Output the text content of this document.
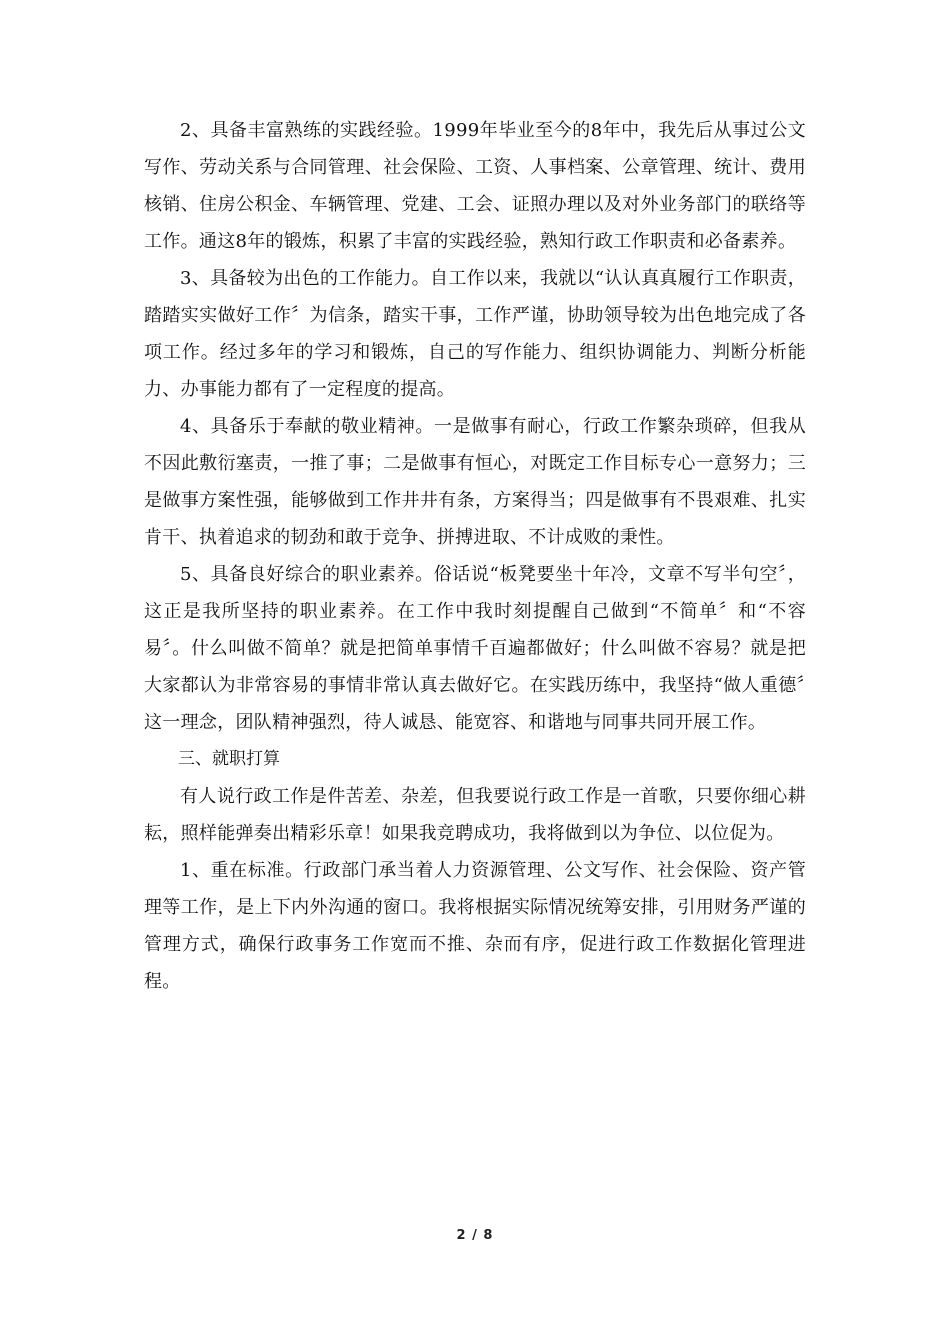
2、具备丰富熟练的实践经验。1999年毕业至今的8年中，我先后从事过公文写作、劳动关系与合同管理、社会保险、工资、人事档案、公章管理、统计、费用核销、住房公积金、车辆管理、党建、工会、证照办理以及对外业务部门的联络等工作。通这8年的锻炼，积累了丰富的实践经验，熟知行政工作职责和必备素养。

3、具备较为出色的工作能力。自工作以来，我就以“认认真真履行工作职责，踏踏实实做好工作〞为信条，踏实干事，工作严谨，协助领导较为出色地完成了各项工作。经过多年的学习和锻炼，自己的写作能力、组织协调能力、判断分析能力、办事能力都有了一定程度的提高。

4、具备乐于奉献的敬业精神。一是做事有耐心，行政工作繁杂琐碎，但我从不因此敷衍塞责，一推了事；二是做事有恒心，对既定工作目标专心一意努力；三是做事方案性强，能够做到工作井井有条，方案得当；四是做事有不畏艰难、扎实肯干、执着追求的韧劲和敢于竞争、拼搏进取、不计成败的秉性。

5、具备良好综合的职业素养。俗话说“板凳要坐十年冷，文章不写半句空〞，这正是我所坚持的职业素养。在工作中我时刻提醒自己做到“不简单〞和“不容易〞。什么叫做不简单？就是把简单事情千百遍都做好；什么叫做不容易？就是把大家都认为非常容易的事情非常认真去做好它。在实践历练中，我坚持“做人重德〞这一理念，团队精神强烈，待人诚恳、能宽容、和谐地与同事共同开展工作。

三、就职打算

有人说行政工作是件苦差、杂差，但我要说行政工作是一首歌，只要你细心耕耘，照样能弹奏出精彩乐章！如果我竞聘成功，我将做到以为争位、以位促为。

1、重在标准。行政部门承当着人力资源管理、公文写作、社会保险、资产管理等工作，是上下内外沟通的窗口。我将根据实际情况统筹安排，引用财务严谨的管理方式，确保行政事务工作宽而不推、杂而有序，促进行政工作数据化管理进程。

2 / 8
